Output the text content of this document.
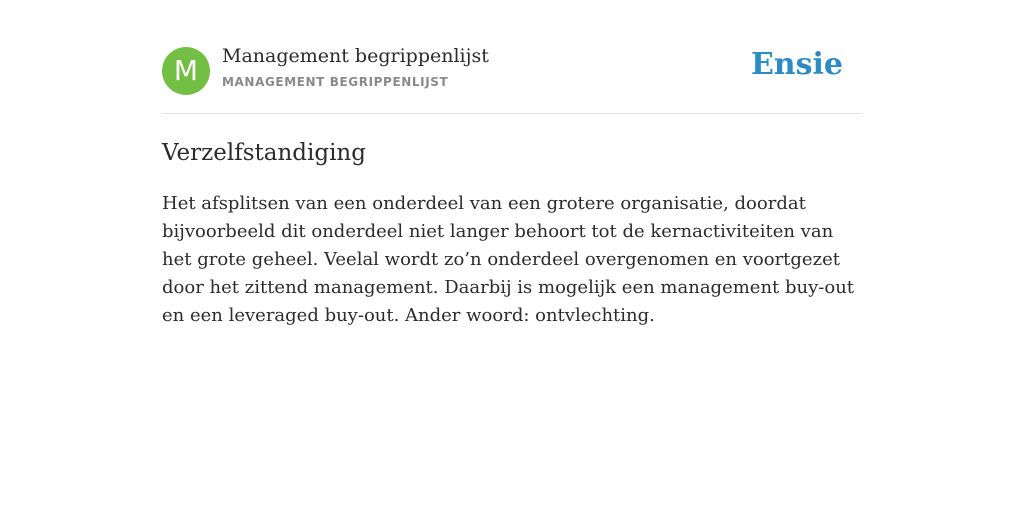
M	Management begrippenlijst
MANAGEMENT BEGRIPPENLIJST	Ensie
Verzelfstandiging

Het afsplitsen van een onderdeel van een grotere organisatie, doordat bijvoorbeeld dit onderdeel niet langer behoort tot de kernactiviteiten van het grote geheel. Veelal wordt zo’n onderdeel overgenomen en voortgezet door het zittend management. Daarbij is mogelijk een management buy-out en een leveraged buy-out. Ander woord: ontvlechting.
